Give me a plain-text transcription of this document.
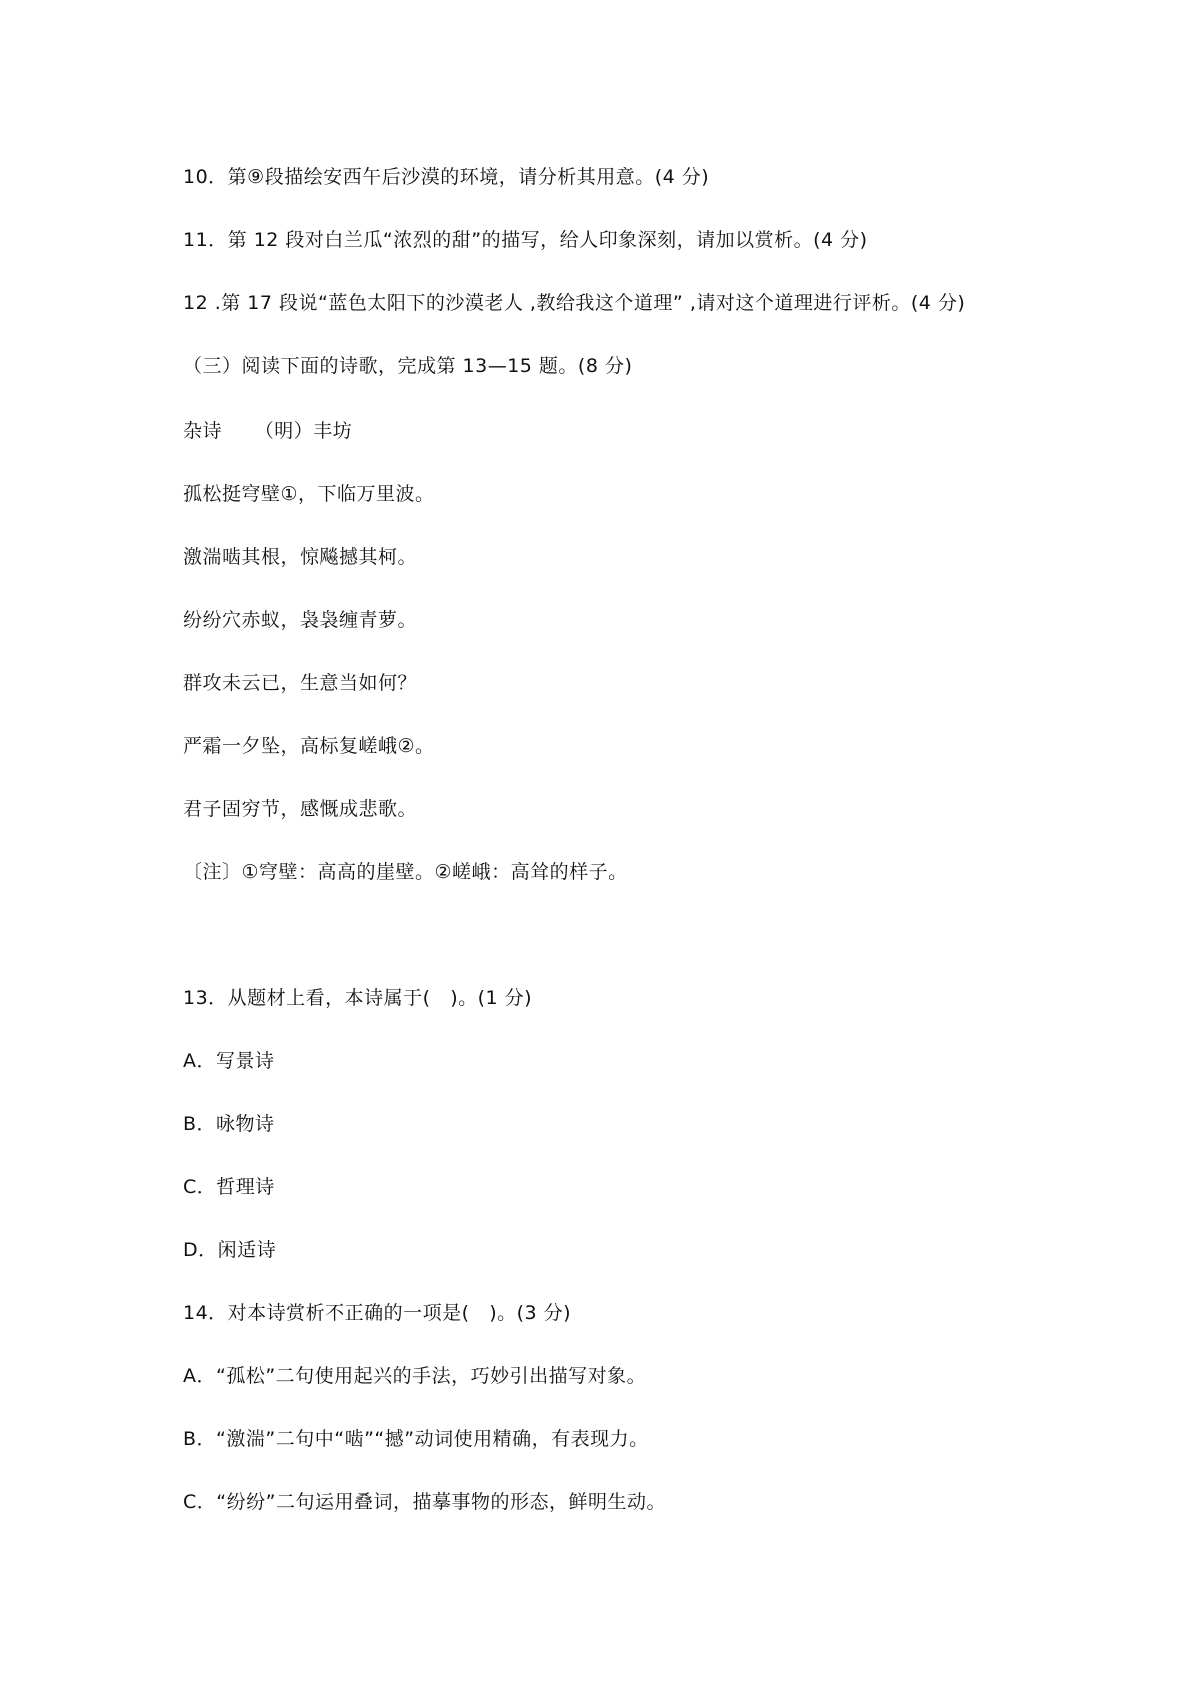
10．第⑨段描绘安西午后沙漠的环境，请分析其用意。(4 分)
11．第 12 段对白兰瓜“浓烈的甜”的描写，给人印象深刻，请加以赏析。(4 分)
12 .第 17 段说“蓝色太阳下的沙漠老人 ,教给我这个道理” ,请对这个道理进行评析。(4 分)
（三）阅读下面的诗歌，完成第 13—15 题。(8 分)
杂诗     （明）丰坊
孤松挺穹壁①，下临万里波。
激湍啮其根，惊飚撼其柯。
纷纷穴赤蚁，袅袅缠青萝。
群攻未云已，生意当如何？
严霜一夕坠，高标复嵯峨②。
君子固穷节，感慨成悲歌。
〔注〕①穹壁：高高的崖壁。②嵯峨：高耸的样子。
13．从题材上看，本诗属于(   )。(1 分)
A．写景诗
B．咏物诗
C．哲理诗
D．闲适诗
14．对本诗赏析不正确的一项是(   )。(3 分)
A．“孤松”二句使用起兴的手法，巧妙引出描写对象。
B．“激湍”二句中“啮”“撼”动词使用精确，有表现力。
C．“纷纷”二句运用叠词，描摹事物的形态，鲜明生动。
